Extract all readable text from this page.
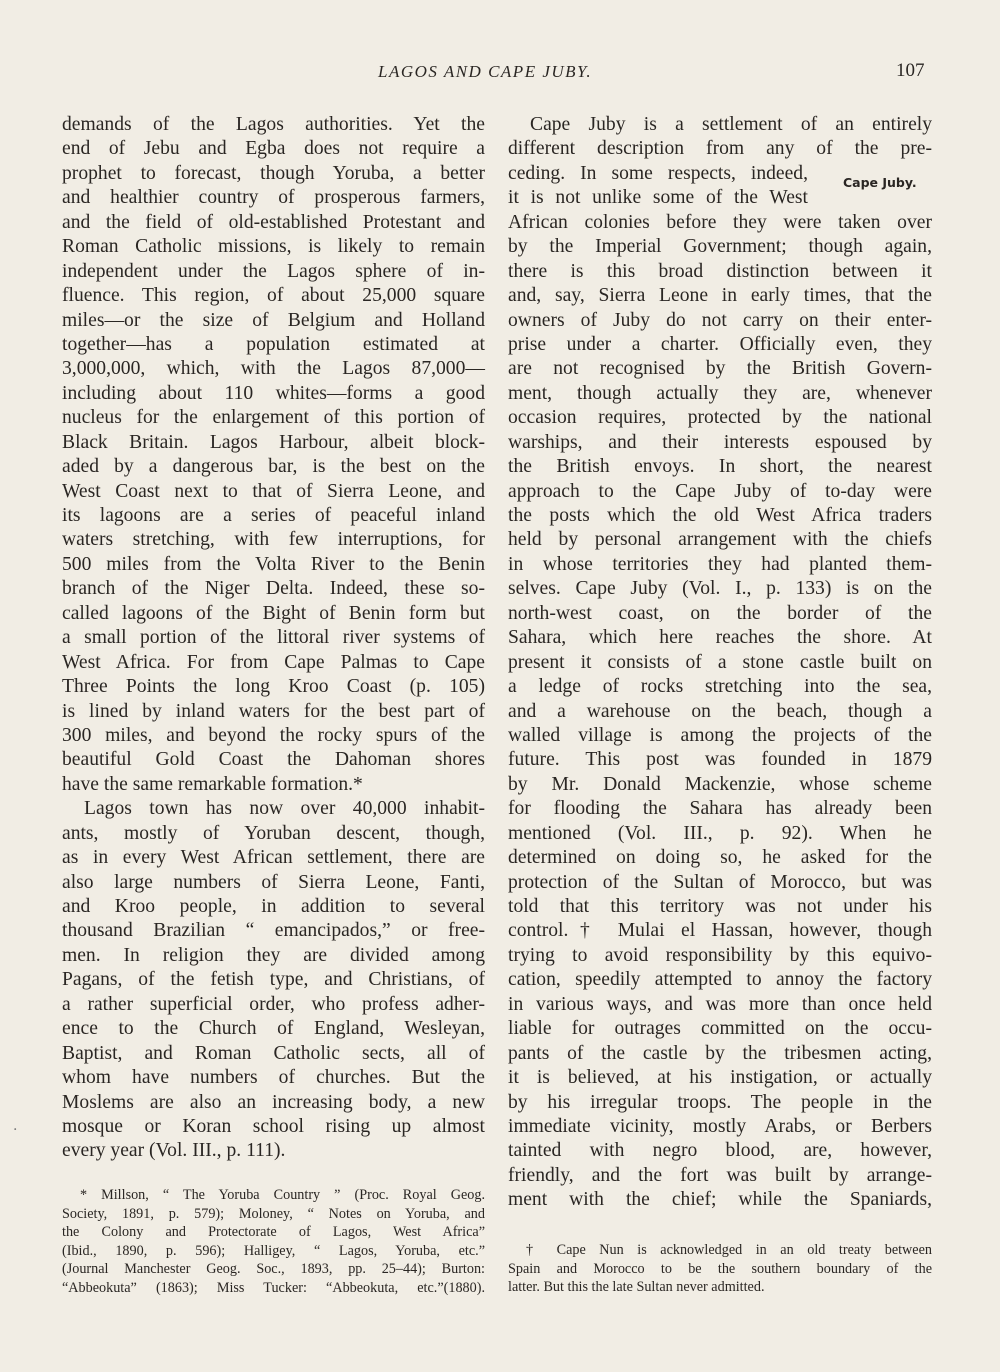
LAGOS AND CAPE JUBY.	107
demands of the Lagos authorities. Yet the
end of Jebu and Egba does not require a
prophet to forecast, though Yoruba, a better
and healthier country of prosperous farmers,
and the field of old-established Protestant and
Roman Catholic missions, is likely to remain
independent under the Lagos sphere of in-
fluence. This region, of about 25,000 square
miles—or the size of Belgium and Holland
together—has a population estimated at
3,000,000, which, with the Lagos 87,000—
including about 110 whites—forms a good
nucleus for the enlargement of this portion of
Black Britain. Lagos Harbour, albeit block-
aded by a dangerous bar, is the best on the
West Coast next to that of Sierra Leone, and
its lagoons are a series of peaceful inland
waters stretching, with few interruptions, for
500 miles from the Volta River to the Benin
branch of the Niger Delta. Indeed, these so-
called lagoons of the Bight of Benin form but
a small portion of the littoral river systems of
West Africa. For from Cape Palmas to Cape
Three Points the long Kroo Coast (p. 105)
is lined by inland waters for the best part of
300 miles, and beyond the rocky spurs of the
beautiful Gold Coast the Dahoman shores
have the same remarkable formation.*
Lagos town has now over 40,000 inhabit-
ants, mostly of Yoruban descent, though,
as in every West African settlement, there are
also large numbers of Sierra Leone, Fanti,
and Kroo people, in addition to several
thousand Brazilian “ emancipados,” or free-
men. In religion they are divided among
Pagans, of the fetish type, and Christians, of
a rather superficial order, who profess adher-
ence to the Church of England, Wesleyan,
Baptist, and Roman Catholic sects, all of
whom have numbers of churches. But the
Moslems are also an increasing body, a new
mosque or Koran school rising up almost
every year (Vol. III., p. 111).
Cape Juby is a settlement of an entirely
different description from any of the pre-
ceding. In some respects, indeed,
it is not unlike some of the West
African colonies before they were taken over
by the Imperial Government; though again,
there is this broad distinction between it
and, say, Sierra Leone in early times, that the
owners of Juby do not carry on their enter-
prise under a charter. Officially even, they
are not recognised by the British Govern-
ment, though actually they are, whenever
occasion requires, protected by the national
warships, and their interests espoused by
the British envoys. In short, the nearest
approach to the Cape Juby of to-day were
the posts which the old West Africa traders
held by personal arrangement with the chiefs
in whose territories they had planted them-
selves. Cape Juby (Vol. I., p. 133) is on the
north-west coast, on the border of the
Sahara, which here reaches the shore. At
present it consists of a stone castle built on
a ledge of rocks stretching into the sea,
and a warehouse on the beach, though a
walled village is among the projects of the
future. This post was founded in 1879
by Mr. Donald Mackenzie, whose scheme
for flooding the Sahara has already been
mentioned (Vol. III., p. 92). When he
determined on doing so, he asked for the
protection of the Sultan of Morocco, but was
told that this territory was not under his
control.† Mulai el Hassan, however, though
trying to avoid responsibility by this equivo-
cation, speedily attempted to annoy the factory
in various ways, and was more than once held
liable for outrages committed on the occu-
pants of the castle by the tribesmen acting,
it is believed, at his instigation, or actually
by his irregular troops. The people in the
immediate vicinity, mostly Arabs, or Berbers
tainted with negro blood, are, however,
friendly, and the fort was built by arrange-
ment with the chief; while the Spaniards,
Cape Juby.
·
* Millson, “ The Yoruba Country ” (Proc. Royal Geog.
Society, 1891, p. 579); Moloney, “ Notes on Yoruba, and
the Colony and Protectorate of Lagos, West Africa”
(Ibid., 1890, p. 596); Halligey, “ Lagos, Yoruba, etc.”
(Journal Manchester Geog. Soc., 1893, pp. 25–44); Burton:
“Abbeokuta” (1863); Miss Tucker: “Abbeokuta, etc.”(1880).
† Cape Nun is acknowledged in an old treaty between
Spain and Morocco to be the southern boundary of the
latter. But this the late Sultan never admitted.
